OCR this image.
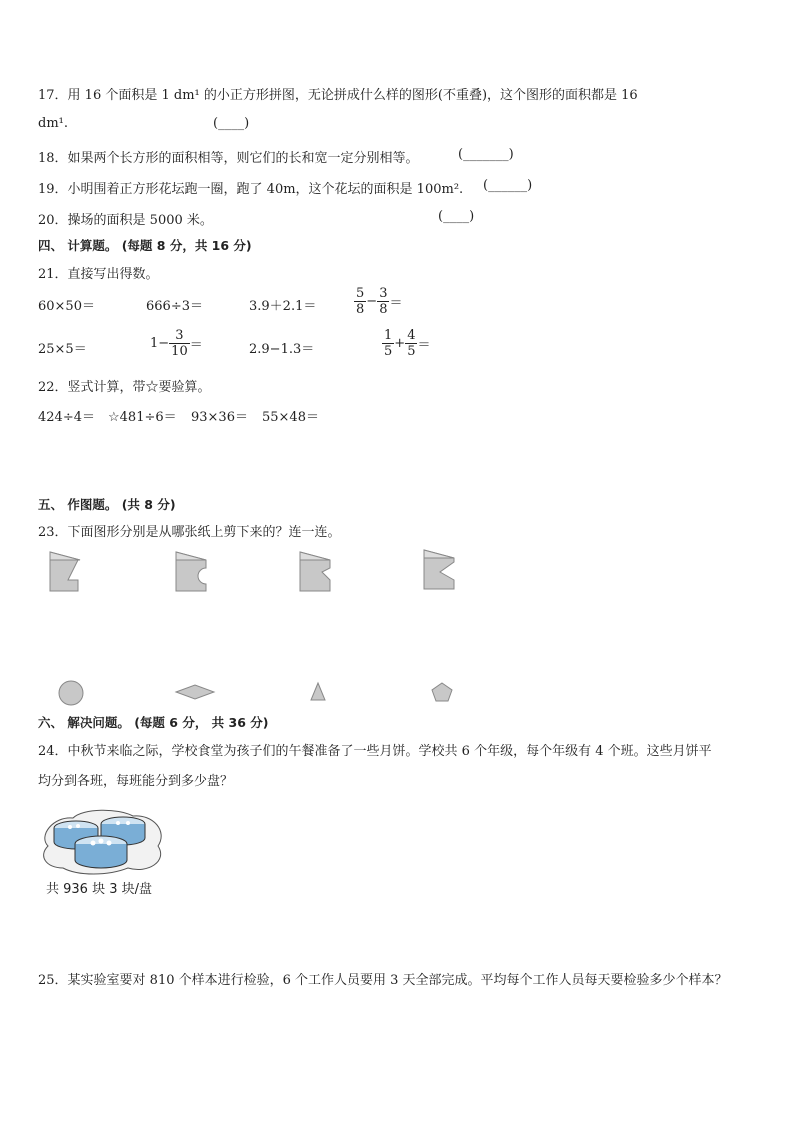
17．用 16 个面积是 1 dm¹ 的小正方形拼图，无论拼成什么样的图形(不重叠)，这个图形的面积都是 16
dm¹.	(____)
18．如果两个长方形的面积相等，则它们的长和宽一定分别相等。	(_______)
19．小明围着正方形花坛跑一圈，跑了 40m，这个花坛的面积是 100m². (______)
20．操场的面积是 5000 米。	(____)
四、 计算题。 (每题 8 分，共 16 分)
21．直接写出得数。
60×50＝	666÷3＝	3.9＋2.1＝	$\frac{5}{8} - \frac{3}{8}$ ＝
25×5＝	$1- \frac{3}{10}$ ＝	2.9−1.3＝	$\frac{1}{5} + \frac{4}{5}$ ＝
22．竖式计算，带☆要验算。
424÷4＝ ☆481÷6＝ 93×36＝ 55×48＝
五、 作图题。 (共 8 分)
23．下面图形分别是从哪张纸上剪下来的？连一连。
六、 解决问题。 (每题 6 分， 共 36 分)
24．中秋节来临之际，学校食堂为孩子们的午餐准备了一些月饼。学校共 6 个年级，每个年级有 4 个班。这些月饼平
均分到各班，每班能分到多少盘？
共 936 块 3 块/盘
25．某实验室要对 810 个样本进行检验，6 个工作人员要用 3 天全部完成。平均每个工作人员每天要检验多少个样本？
